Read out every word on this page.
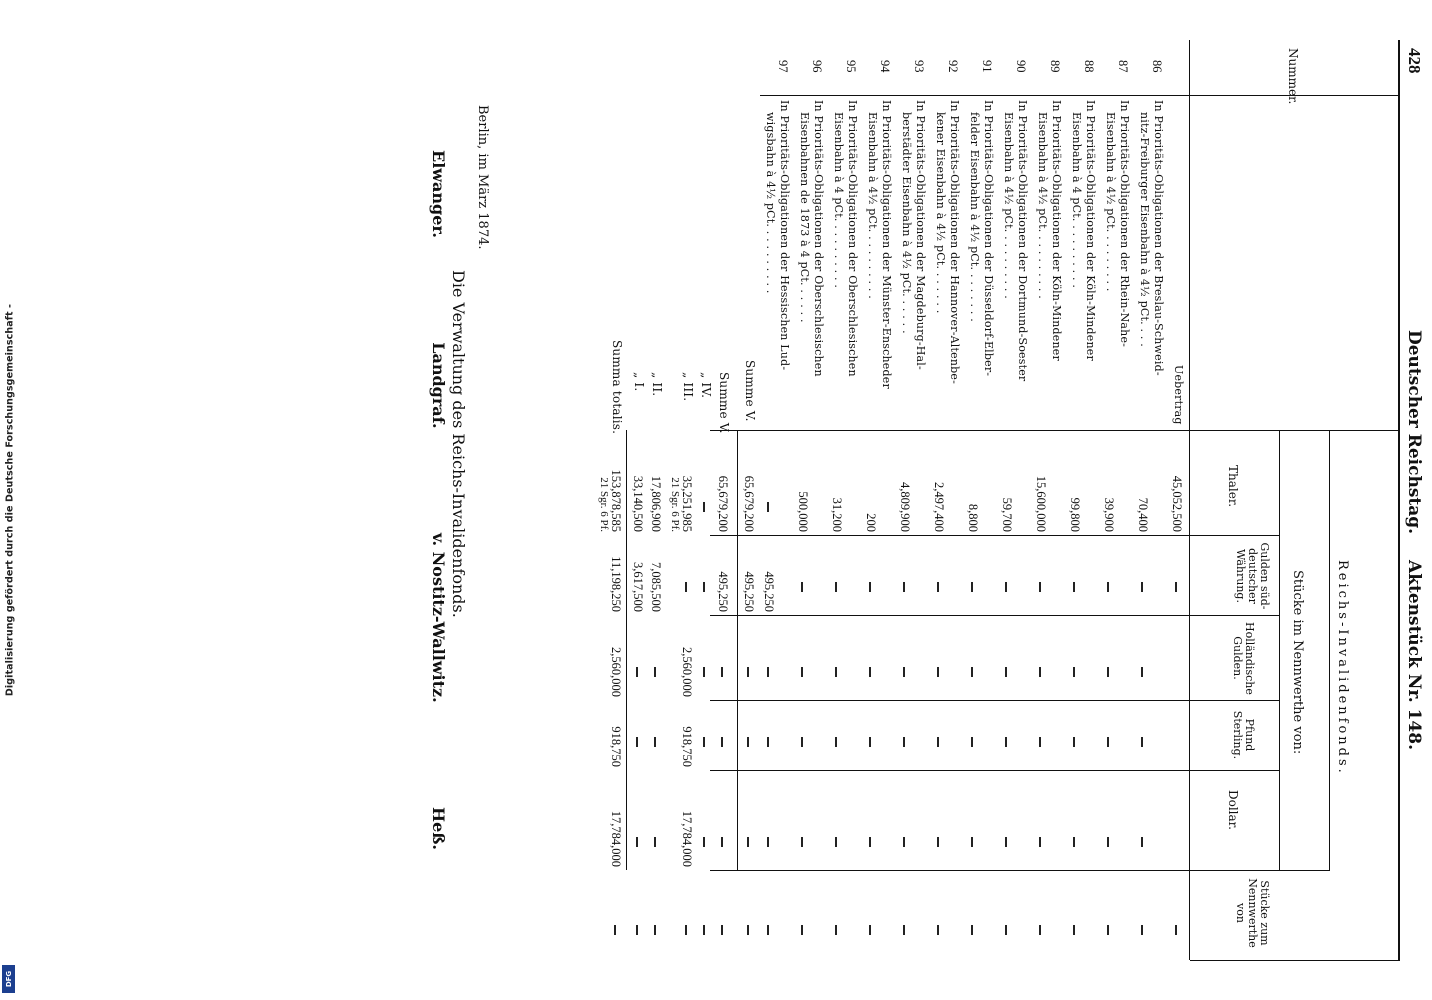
Digitalisierung gefördert durch die Deutsche Forschungsgemeinschaft -
DFG
428
Deutscher Reichstag.
Aktenstück Nr. 148.
Nummer.
Reichs-Invalidenfonds.
Stücke im Nennwerthe von:
Thaler.
Gulden süd-deutscher Währung.
Holländische Gulden.
Pfund Sterling.
Dollar.
Stücke zum Nennwerthe von
Uebertrag
45,052,500
86
In Prioritäts-Obligationen der Breslau-Schweid-
nitz-Freiburger Eisenbahn à 4½ pCt. . . .
70,400
87
In Prioritäts-Obligationen der Rhein-Nahe-
Eisenbahn à 4½ pCt. . . . . . . . .
39,900
88
In Prioritäts-Obligationen der Köln-Mindener
Eisenbahn à 4 pCt. . . . . . . . . .
99,800
89
In Prioritäts-Obligationen der Köln-Mindener
Eisenbahn à 4½ pCt. . . . . . . . . .
15,600,000
90
In Prioritäts-Obligationen der Dortmund-Soester
Eisenbahn à 4½ pCt. . . . . . . . . .
59,700
91
In Prioritäts-Obligationen der Düsseldorf-Elber-
felder Eisenbahn à 4½ pCt. . . . . . . .
8,800
92
In Prioritäts-Obligationen der Hannover-Altenbe-
kener Eisenbahn à 4½ pCt. . . . . . .
2,497,400
93
In Prioritäts-Obligationen der Magdeburg-Hal-
berstädter Eisenbahn à 4½ pCt. . . . . .
4,809,900
94
In Prioritäts-Obligationen der Münster-Enscheder
Eisenbahn à 4½ pCt. . . . . . . . . .
200
95
In Prioritäts-Obligationen der Oberschlesischen
Eisenbahn à 4 pCt. . . . . . . . . .
31,200
96
In Prioritäts-Obligationen der Oberschlesischen
Eisenbahnen de 1873 à 4 pCt. . . . . .
500,000
97
In Prioritäts-Obligationen der Hessischen Lud-
wigsbahn à 4½ pCt. . . . . . . . . .
495,250
Summe V.
65,679,200
495,250
Summe V.
65,679,200
495,250
„ IV.
„ III.
35,251,985
2,560,000
918,750
17,784,000
21 Sgr. 6 Pf.
„ II.
17,806,900
7,085,500
„ I.
33,140,500
3,617,500
Summa totalis.
153,878,585
11,198,250
2,560,000
918,750
17,784,000
21 Sgr. 6 Pf.
Berlin, im März 1874.
Die Verwaltung des Reichs-Invalidenfonds.
Elwanger.
Landgraf.
v. Nostitz-Wallwitz.
Heß.
